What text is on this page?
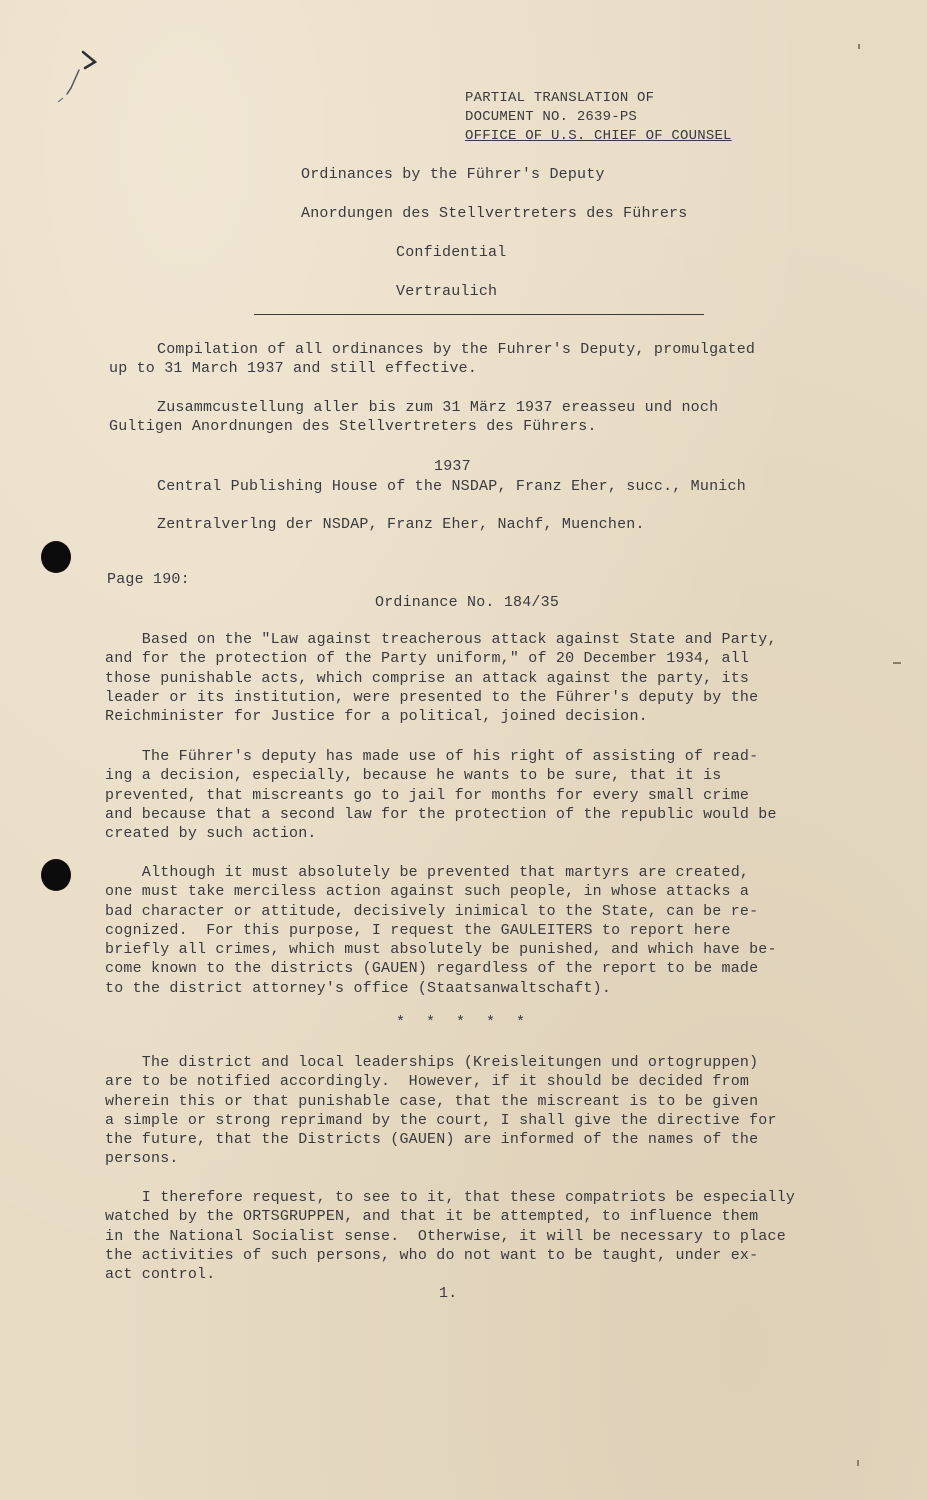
PARTIAL TRANSLATION OF
DOCUMENT NO. 2639-PS
OFFICE OF U.S. CHIEF OF COUNSEL
Ordinances by the Führer's Deputy
Anordungen des Stellvertreters des Führers
Confidential
Vertraulich
Compilation of all ordinances by the Fuhrer's Deputy, promulgated
up to 31 March 1937 and still effective.
Zusammcustellung aller bis zum 31 März 1937 ereasseu und noch
Gultigen Anordnungen des Stellvertreters des Führers.
1937
Central Publishing House of the NSDAP, Franz Eher, succ., Munich
Zentralverlng der NSDAP, Franz Eher, Nachf, Muenchen.
Page 190:
Ordinance No. 184/35
Based on the "Law against treacherous attack against State and Party,
and for the protection of the Party uniform," of 20 December 1934, all
those punishable acts, which comprise an attack against the party, its
leader or its institution, were presented to the Führer's deputy by the
Reichminister for Justice for a political, joined decision.
The Führer's deputy has made use of his right of assisting of read-
ing a decision, especially, because he wants to be sure, that it is
prevented, that miscreants go to jail for months for every small crime
and because that a second law for the protection of the republic would be
created by such action.
Although it must absolutely be prevented that martyrs are created,
one must take merciless action against such people, in whose attacks a
bad character or attitude, decisively inimical to the State, can be re-
cognized.  For this purpose, I request the GAULEITERS to report here
briefly all crimes, which must absolutely be punished, and which have be-
come known to the districts (GAUEN) regardless of the report to be made
to the district attorney's office (Staatsanwaltschaft).
* * * * *
The district and local leaderships (Kreisleitungen und ortogruppen)
are to be notified accordingly.  However, if it should be decided from
wherein this or that punishable case, that the miscreant is to be given
a simple or strong reprimand by the court, I shall give the directive for
the future, that the Districts (GAUEN) are informed of the names of the
persons.
I therefore request, to see to it, that these compatriots be especially
watched by the ORTSGRUPPEN, and that it be attempted, to influence them
in the National Socialist sense.  Otherwise, it will be necessary to place
the activities of such persons, who do not want to be taught, under ex-
act control.
1.
